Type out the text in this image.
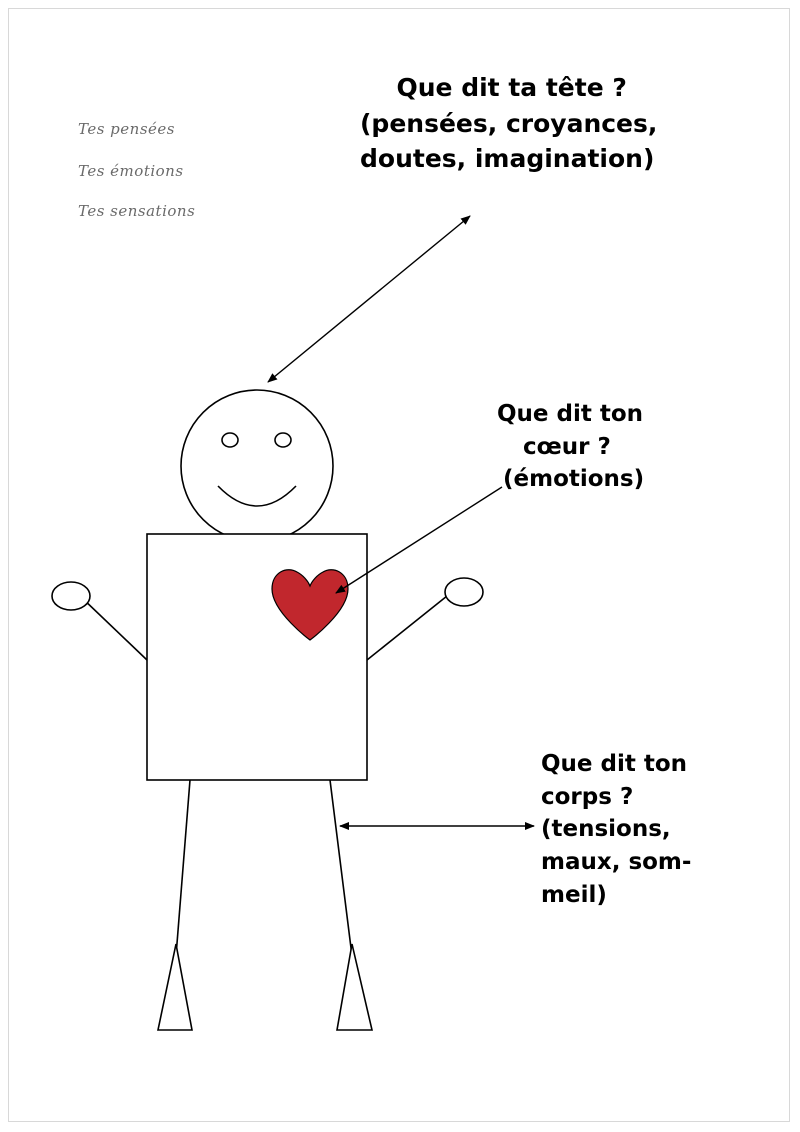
Tes pensées
Tes émotions
Tes sensations
Que dit ta tête ?
(pensées, croyances,
doutes, imagination)
Que dit ton
cœur ?
(émotions)
Que dit ton
corps ?
(tensions,
maux, som-
meil)
